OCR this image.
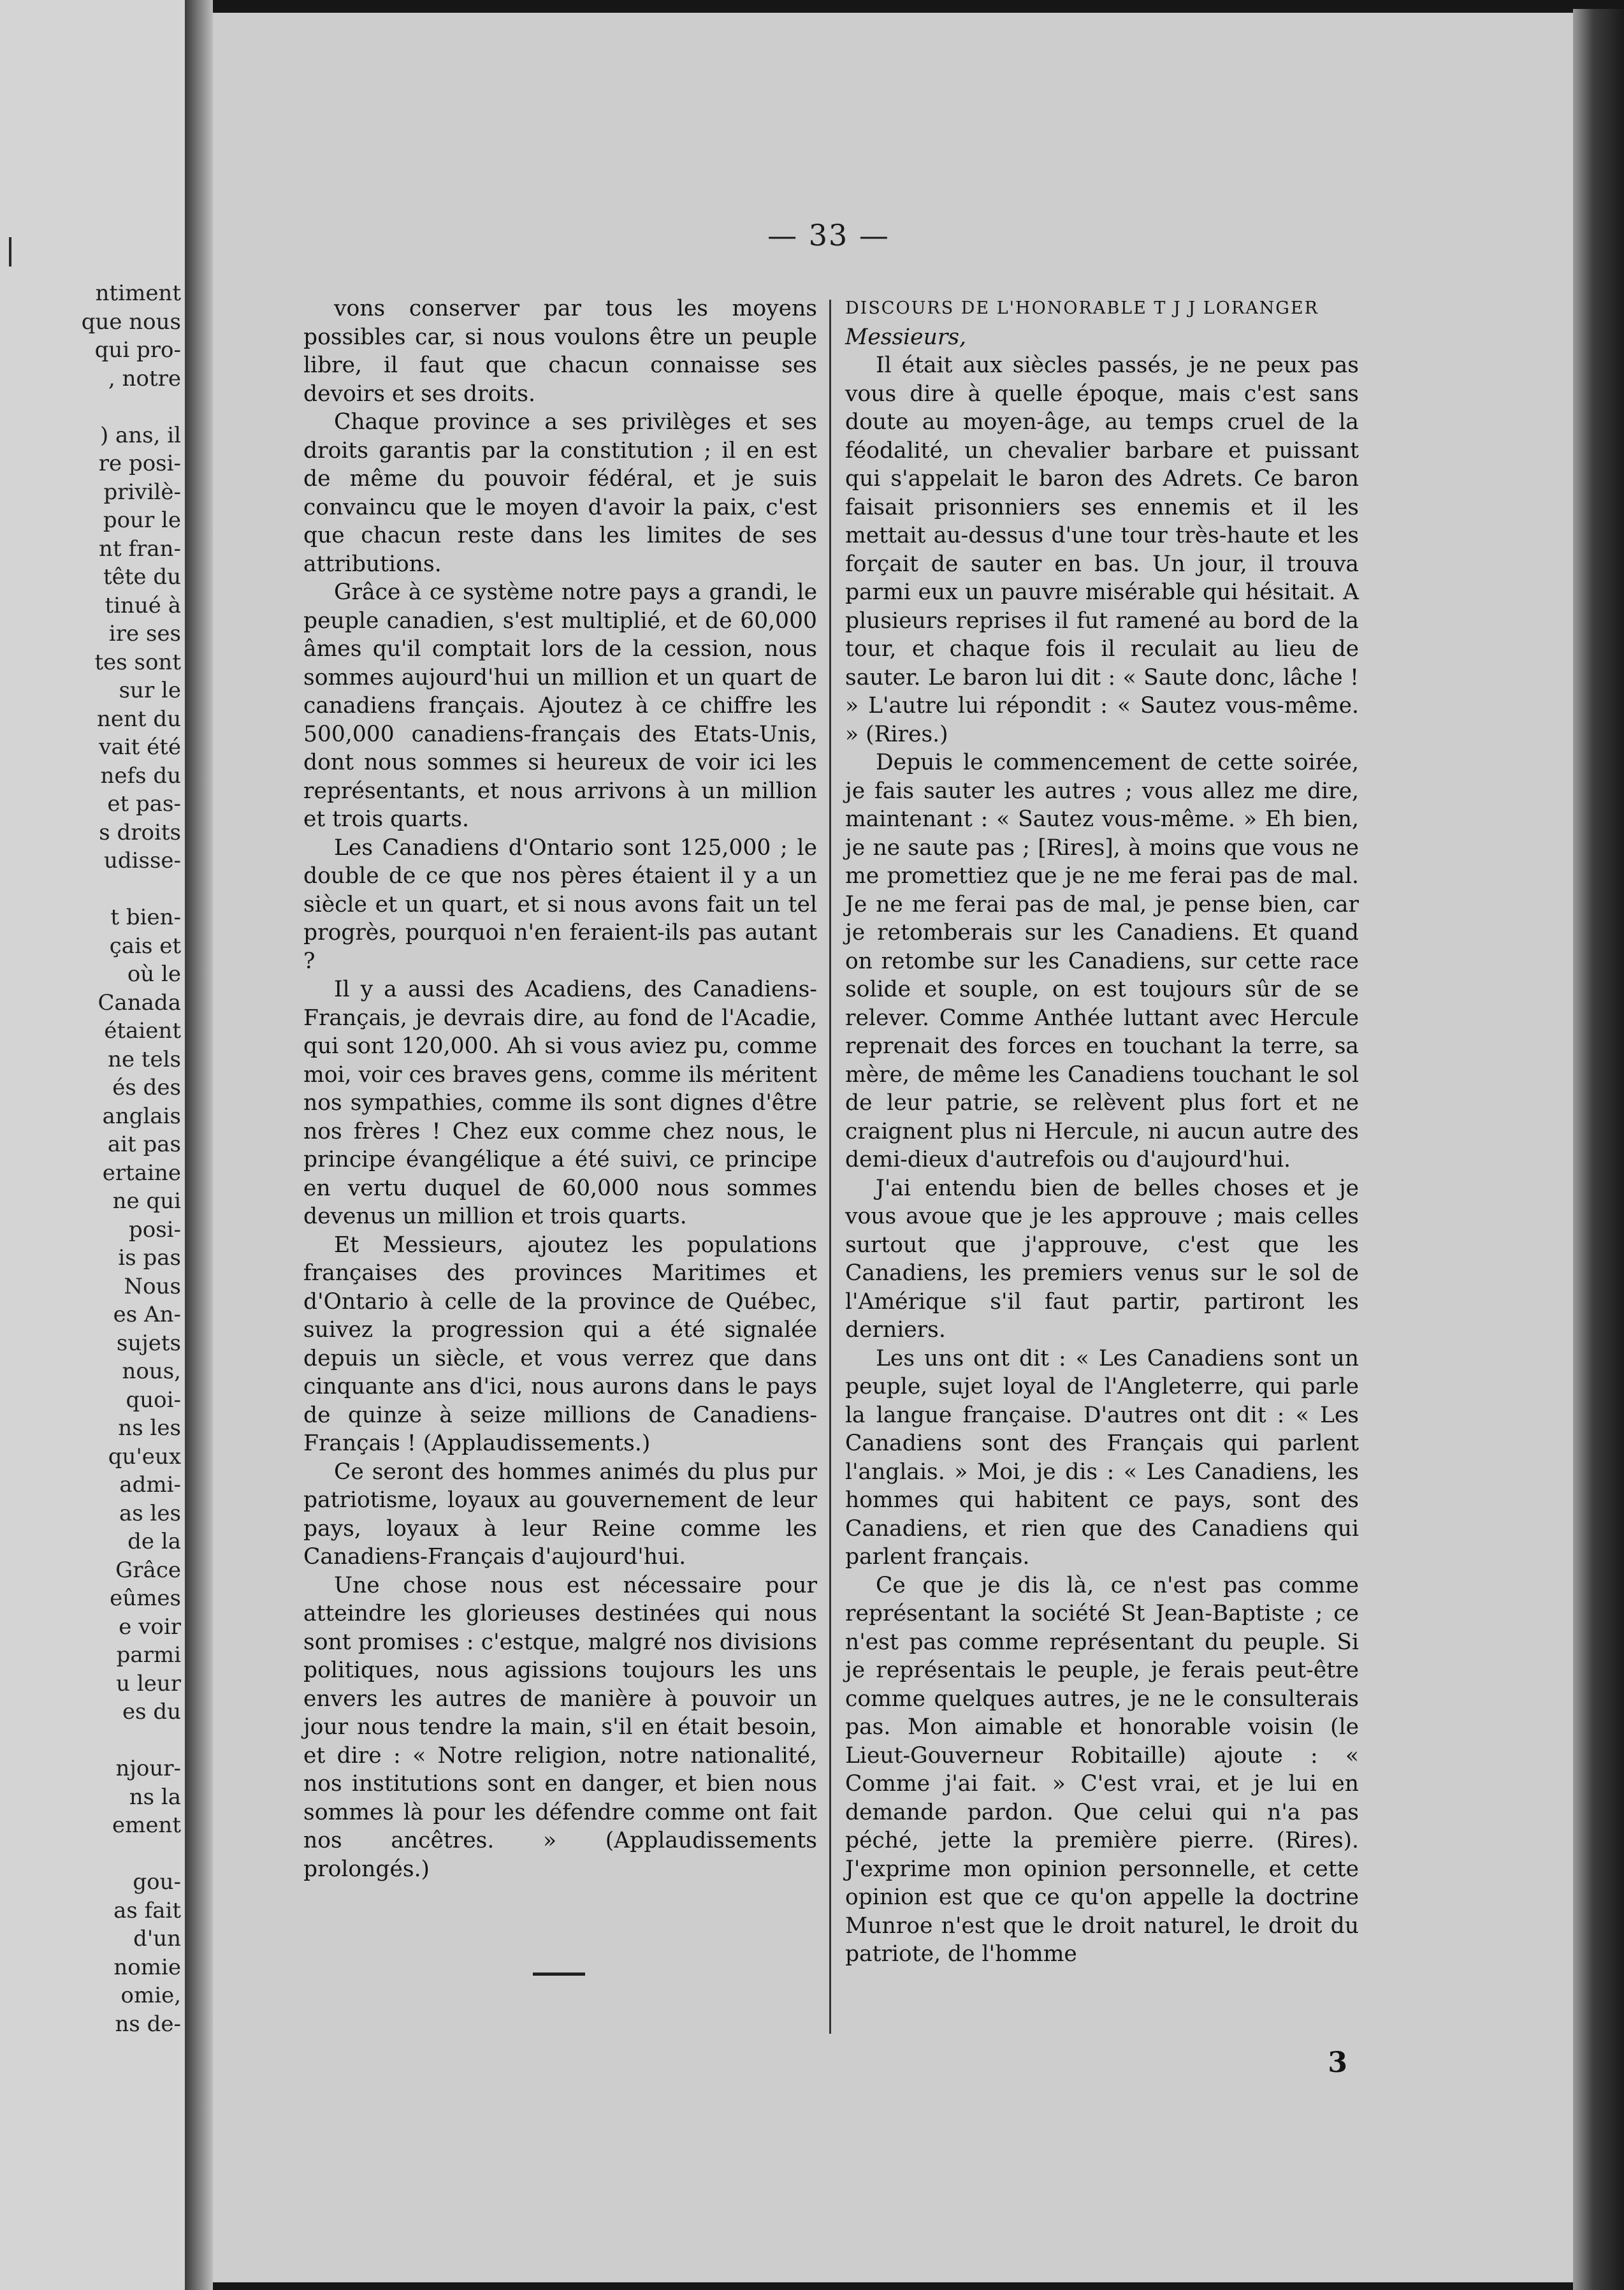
ntiment
que nous
qui pro-
, notre

) ans, il
re posi-
privilè-
pour le
nt fran-
tête du
tinué à
ire ses
tes sont
sur le
nent du
vait été
nefs du
et pas-
s droits
udisse-

t bien-
çais et
où le
Canada
étaient
ne tels
és des
anglais
ait pas
ertaine
ne qui
posi-
is pas
Nous
es An-
sujets
nous,
quoi-
ns les
qu'eux
admi-
as les
de la
Grâce
eûmes
e voir
parmi
u leur
es du

njour-
ns la
ement

gou-
as fait
d'un
nomie
omie,
ns de-
— 33 —

vons conserver par tous les moyens possibles car, si nous voulons être un peuple libre, il faut que chacun connaisse ses devoirs et ses droits.

Chaque province a ses privilèges et ses droits garantis par la constitution ; il en est de même du pouvoir fédéral, et je suis convaincu que le moyen d'avoir la paix, c'est que chacun reste dans les limites de ses attributions.

Grâce à ce système notre pays a grandi, le peuple canadien, s'est multiplié, et de 60,000 âmes qu'il comptait lors de la cession, nous sommes aujourd'hui un million et un quart de canadiens français. Ajoutez à ce chiffre les 500,000 canadiens-français des Etats-Unis, dont nous sommes si heureux de voir ici les représentants, et nous arrivons à un million et trois quarts.

Les Canadiens d'Ontario sont 125,000 ; le double de ce que nos pères étaient il y a un siècle et un quart, et si nous avons fait un tel progrès, pourquoi n'en feraient-ils pas autant ?

Il y a aussi des Acadiens, des Canadiens-Français, je devrais dire, au fond de l'Acadie, qui sont 120,000. Ah si vous aviez pu, comme moi, voir ces braves gens, comme ils méritent nos sympathies, comme ils sont dignes d'être nos frères ! Chez eux comme chez nous, le principe évangélique a été suivi, ce principe en vertu duquel de 60,000 nous sommes devenus un million et trois quarts.

Et Messieurs, ajoutez les populations françaises des provinces Maritimes et d'Ontario à celle de la province de Québec, suivez la progression qui a été signalée depuis un siècle, et vous verrez que dans cinquante ans d'ici, nous aurons dans le pays de quinze à seize millions de Canadiens-Français ! (Applaudissements.)

Ce seront des hommes animés du plus pur patriotisme, loyaux au gouvernement de leur pays, loyaux à leur Reine comme les Canadiens-Français d'aujourd'hui.

Une chose nous est nécessaire pour atteindre les glorieuses destinées qui nous sont promises : c'estque, malgré nos divisions politiques, nous agissions toujours les uns envers les autres de manière à pouvoir un jour nous tendre la main, s'il en était besoin, et dire : « Notre religion, notre nationalité, nos institutions sont en danger, et bien nous sommes là pour les défendre comme ont fait nos ancêtres. » (Applaudissements prolongés.)

DISCOURS DE L'HONORABLE T J J LORANGER

Messieurs,

Il était aux siècles passés, je ne peux pas vous dire à quelle époque, mais c'est sans doute au moyen-âge, au temps cruel de la féodalité, un chevalier barbare et puissant qui s'appelait le baron des Adrets. Ce baron faisait prisonniers ses ennemis et il les mettait au-dessus d'une tour très-haute et les forçait de sauter en bas. Un jour, il trouva parmi eux un pauvre misérable qui hésitait. A plusieurs reprises il fut ramené au bord de la tour, et chaque fois il reculait au lieu de sauter. Le baron lui dit : « Saute donc, lâche ! » L'autre lui répondit : « Sautez vous-même. » (Rires.)

Depuis le commencement de cette soirée, je fais sauter les autres ; vous allez me dire, maintenant : « Sautez vous-même. » Eh bien, je ne saute pas ; [Rires], à moins que vous ne me promettiez que je ne me ferai pas de mal. Je ne me ferai pas de mal, je pense bien, car je retomberais sur les Canadiens. Et quand on retombe sur les Canadiens, sur cette race solide et souple, on est toujours sûr de se relever. Comme Anthée luttant avec Hercule reprenait des forces en touchant la terre, sa mère, de même les Canadiens touchant le sol de leur patrie, se relèvent plus fort et ne craignent plus ni Hercule, ni aucun autre des demi-dieux d'autrefois ou d'aujourd'hui.

J'ai entendu bien de belles choses et je vous avoue que je les approuve ; mais celles surtout que j'approuve, c'est que les Canadiens, les premiers venus sur le sol de l'Amérique s'il faut partir, partiront les derniers.

Les uns ont dit : « Les Canadiens sont un peuple, sujet loyal de l'Angleterre, qui parle la langue française. D'autres ont dit : « Les Canadiens sont des Français qui parlent l'anglais. » Moi, je dis : « Les Canadiens, les hommes qui habitent ce pays, sont des Canadiens, et rien que des Canadiens qui parlent français.

Ce que je dis là, ce n'est pas comme représentant la société St Jean-Baptiste ; ce n'est pas comme représentant du peuple. Si je représentais le peuple, je ferais peut-être comme quelques autres, je ne le consulterais pas. Mon aimable et honorable voisin (le Lieut-Gouverneur Robitaille) ajoute : « Comme j'ai fait. » C'est vrai, et je lui en demande pardon. Que celui qui n'a pas péché, jette la première pierre. (Rires). J'exprime mon opinion personnelle, et cette opinion est que ce qu'on appelle la doctrine Munroe n'est que le droit naturel, le droit du patriote, de l'homme

3
